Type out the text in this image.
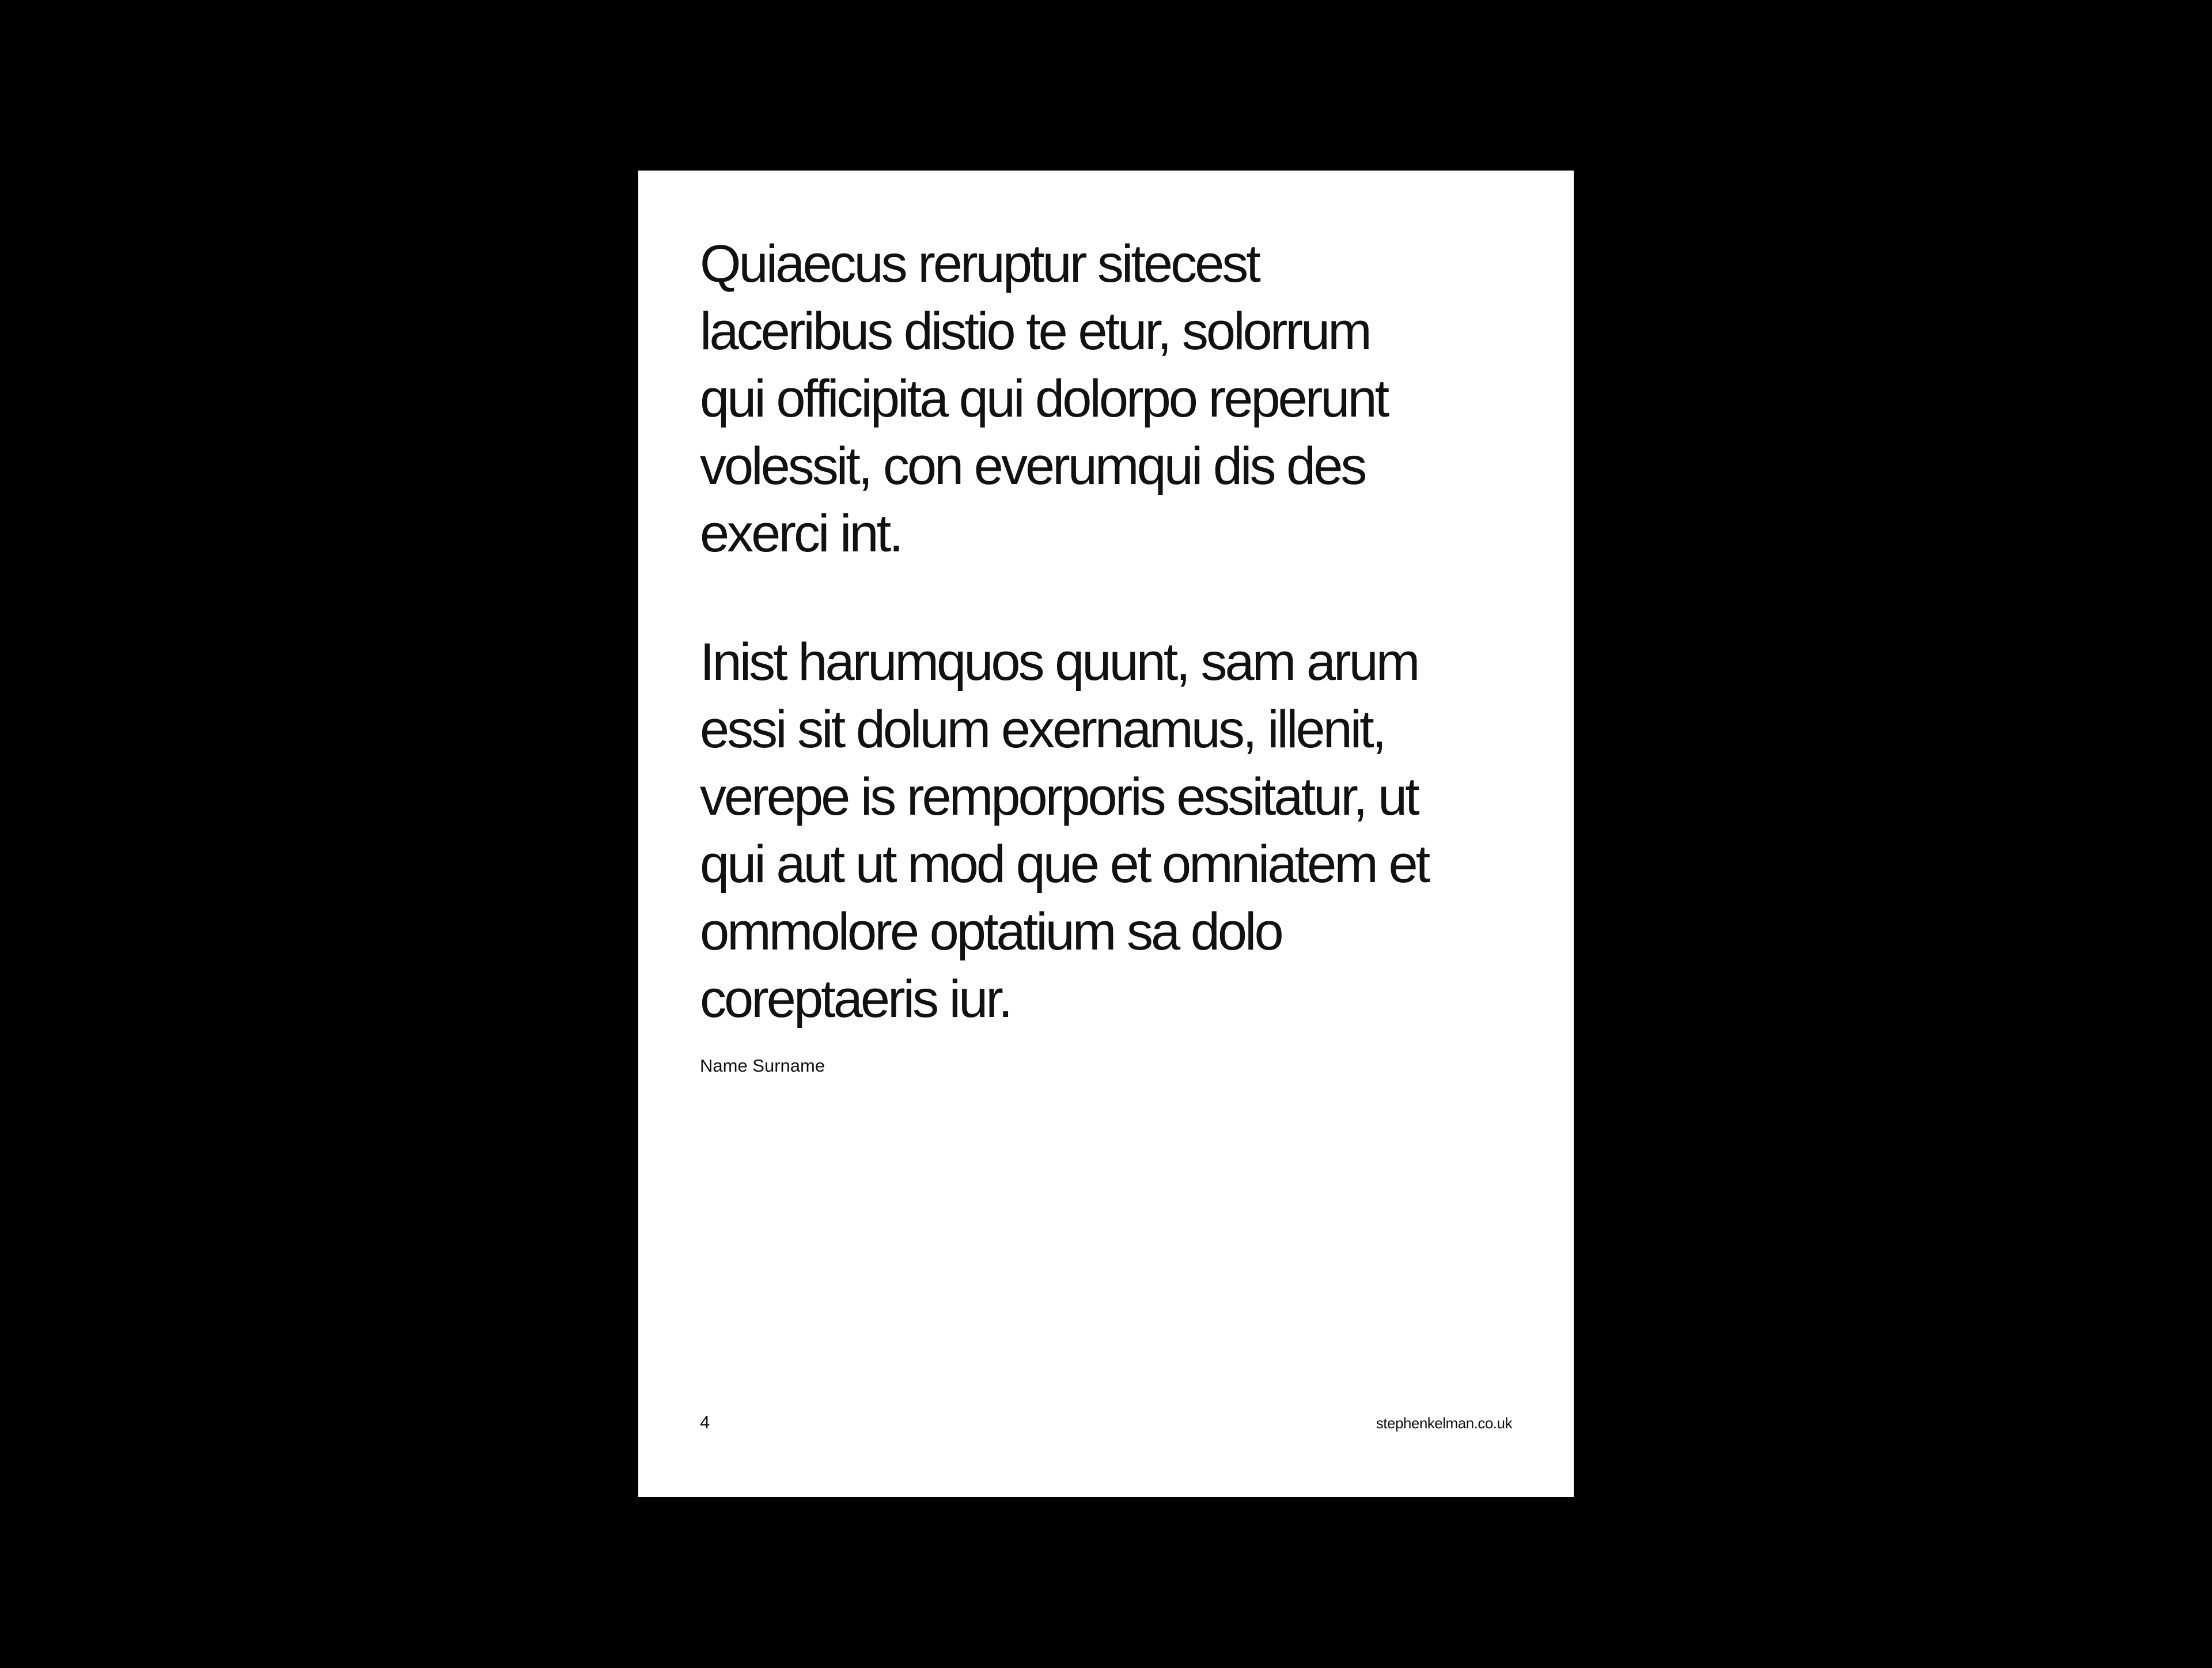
Quiaecus reruptur sitecest
laceribus distio te etur, solorrum
qui officipita qui dolorpo reperunt
volessit, con everumqui dis des
exerci int.

Inist harumquos quunt, sam arum
essi sit dolum exernamus, illenit,
verepe is remporporis essitatur, ut
qui aut ut mod que et omniatem et
ommolore optatium sa dolo
coreptaeris iur.

Name Surname
4	stephenkelman.co.uk
